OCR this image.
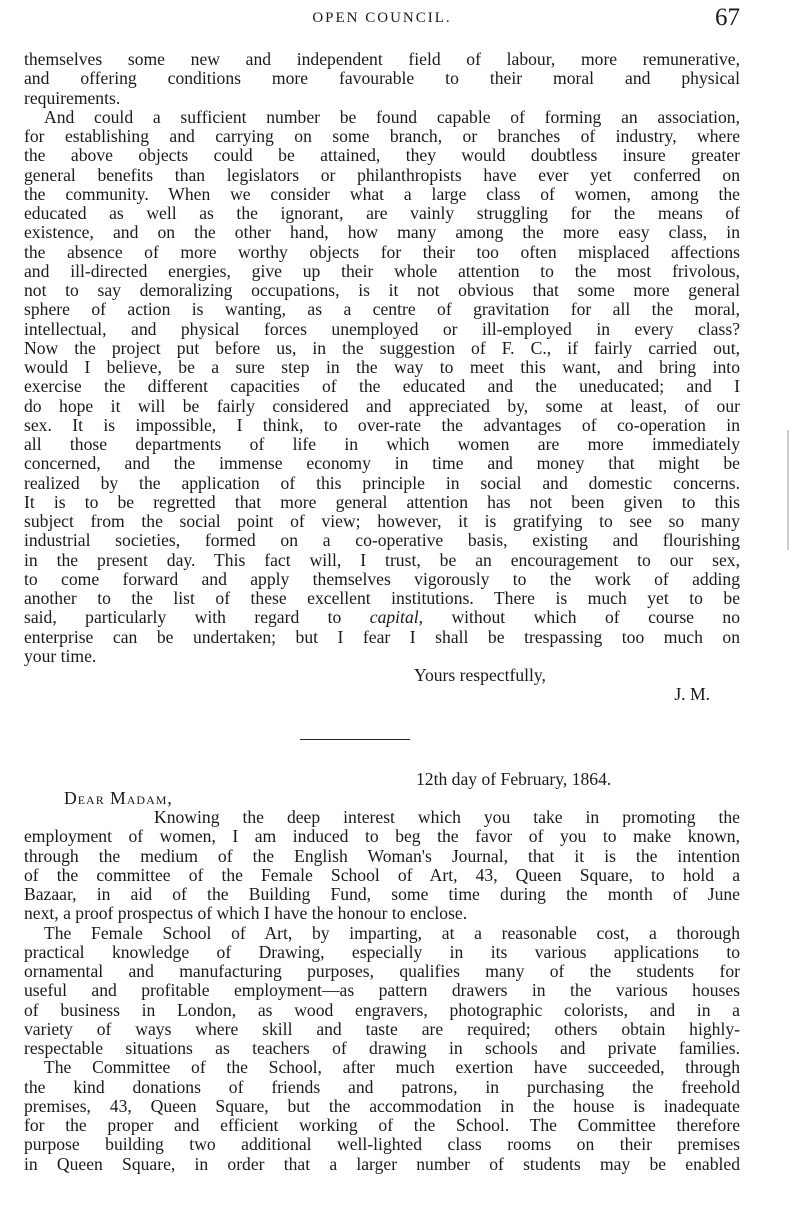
OPEN COUNCIL.	67
themselves some new and independent field of labour, more remunerative,
and offering conditions more favourable to their moral and physical
requirements.
And could a sufficient number be found capable of forming an association,
for establishing and carrying on some branch, or branches of industry, where
the above objects could be attained, they would doubtless insure greater
general benefits than legislators or philanthropists have ever yet conferred on
the community. When we consider what a large class of women, among the
educated as well as the ignorant, are vainly struggling for the means of
existence, and on the other hand, how many among the more easy class, in
the absence of more worthy objects for their too often misplaced affections
and ill-directed energies, give up their whole attention to the most frivolous,
not to say demoralizing occupations, is it not obvious that some more general
sphere of action is wanting, as a centre of gravitation for all the moral,
intellectual, and physical forces unemployed or ill-employed in every class?
Now the project put before us, in the suggestion of F. C., if fairly carried out,
would I believe, be a sure step in the way to meet this want, and bring into
exercise the different capacities of the educated and the uneducated; and I
do hope it will be fairly considered and appreciated by, some at least, of our
sex. It is impossible, I think, to over-rate the advantages of co-operation in
all those departments of life in which women are more immediately
concerned, and the immense economy in time and money that might be
realized by the application of this principle in social and domestic concerns.
It is to be regretted that more general attention has not been given to this
subject from the social point of view; however, it is gratifying to see so many
industrial societies, formed on a co-operative basis, existing and flourishing
in the present day. This fact will, I trust, be an encouragement to our sex,
to come forward and apply themselves vigorously to the work of adding
another to the list of these excellent institutions. There is much yet to be
said, particularly with regard to capital, without which of course no
enterprise can be undertaken; but I fear I shall be trespassing too much on
your time.
Yours respectfully,
J. M.
12th day of February, 1864.
Dear Madam,
Knowing the deep interest which you take in promoting the
employment of women, I am induced to beg the favor of you to make known,
through the medium of the English Woman's Journal, that it is the intention
of the committee of the Female School of Art, 43, Queen Square, to hold a
Bazaar, in aid of the Building Fund, some time during the month of June
next, a proof prospectus of which I have the honour to enclose.
The Female School of Art, by imparting, at a reasonable cost, a thorough
practical knowledge of Drawing, especially in its various applications to
ornamental and manufacturing purposes, qualifies many of the students for
useful and profitable employment—as pattern drawers in the various houses
of business in London, as wood engravers, photographic colorists, and in a
variety of ways where skill and taste are required; others obtain highly-
respectable situations as teachers of drawing in schools and private families.
The Committee of the School, after much exertion have succeeded, through
the kind donations of friends and patrons, in purchasing the freehold
premises, 43, Queen Square, but the accommodation in the house is inadequate
for the proper and efficient working of the School. The Committee therefore
purpose building two additional well-lighted class rooms on their premises
in Queen Square, in order that a larger number of students may be enabled
